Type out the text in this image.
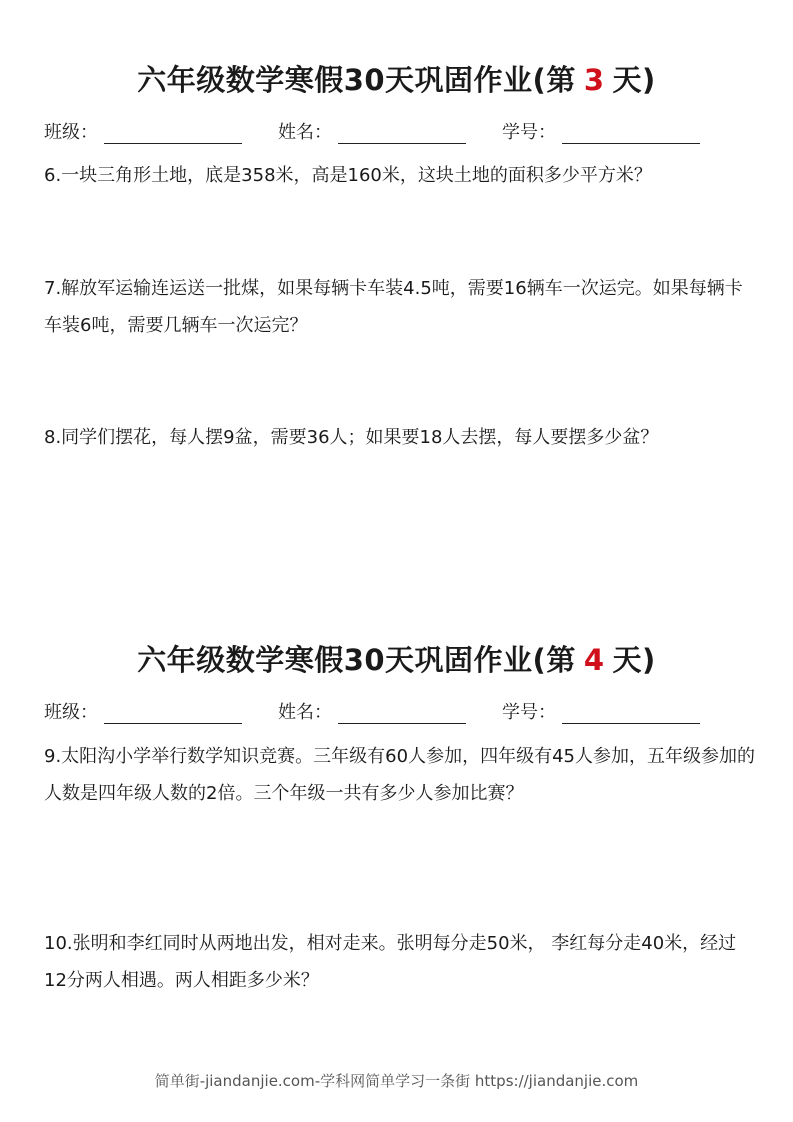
六年级数学寒假30天巩固作业(第 3 天)
班级：	姓名：	学号：

6.一块三角形土地，底是358米，高是160米，这块土地的面积多少平方米？

7.解放军运输连运送一批煤，如果每辆卡车装4.5吨，需要16辆车一次运完。如果每辆卡车装6吨，需要几辆车一次运完？

8.同学们摆花，每人摆9盆，需要36人；如果要18人去摆，每人要摆多少盆？

六年级数学寒假30天巩固作业(第 4 天)
班级：	姓名：	学号：

9.太阳沟小学举行数学知识竞赛。三年级有60人参加，四年级有45人参加，五年级参加的人数是四年级人数的2倍。三个年级一共有多少人参加比赛？

10.张明和李红同时从两地出发，相对走来。张明每分走50米， 李红每分走40米，经过12分两人相遇。两人相距多少米？

简单街-jiandanjie.com-学科网简单学习一条街 https://jiandanjie.com
